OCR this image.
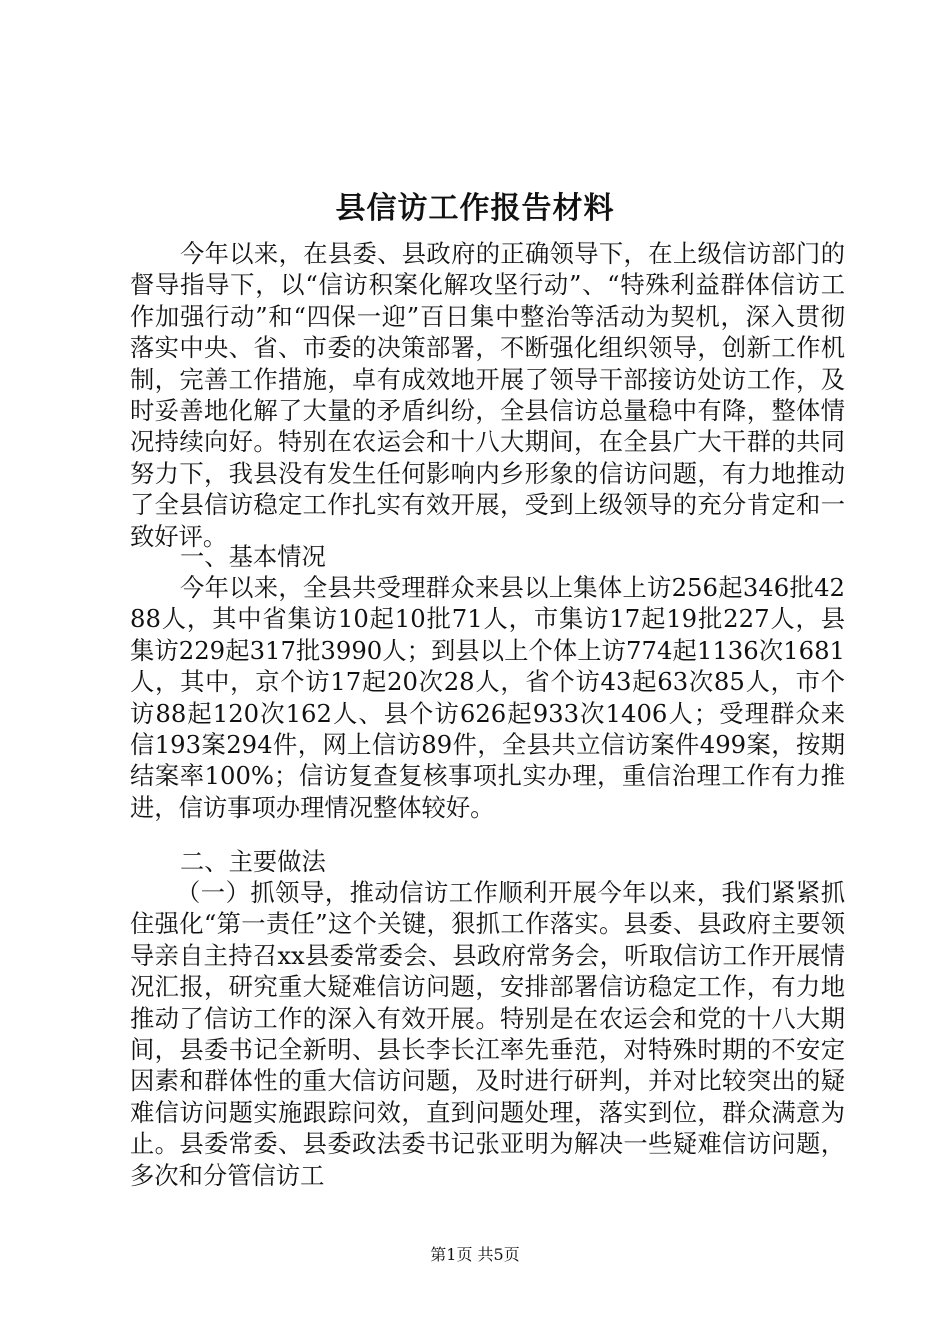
县信访工作报告材料

今年以来，在县委、县政府的正确领导下，在上级信访部门的督导指导下，以“信访积案化解攻坚行动”、“特殊利益群体信访工作加强行动”和“四保一迎”百日集中整治等活动为契机，深入贯彻落实中央、省、市委的决策部署，不断强化组织领导，创新工作机制，完善工作措施，卓有成效地开展了领导干部接访处访工作，及时妥善地化解了大量的矛盾纠纷，全县信访总量稳中有降，整体情况持续向好。特别在农运会和十八大期间，在全县广大干群的共同努力下，我县没有发生任何影响内乡形象的信访问题，有力地推动了全县信访稳定工作扎实有效开展，受到上级领导的充分肯定和一致好评。

一、基本情况

今年以来，全县共受理群众来县以上集体上访256起346批4288人，其中省集访10起10批71人，市集访17起19批227人，县集访229起317批3990人；到县以上个体上访774起1136次1681人，其中，京个访17起20次28人，省个访43起63次85人，市个访88起120次162人、县个访626起933次1406人；受理群众来信193案294件，网上信访89件，全县共立信访案件499案，按期结案率100%；信访复查复核事项扎实办理，重信治理工作有力推进，信访事项办理情况整体较好。

二、主要做法

（一）抓领导，推动信访工作顺利开展今年以来，我们紧紧抓住强化“第一责任”这个关键，狠抓工作落实。县委、县政府主要领导亲自主持召xx县委常委会、县政府常务会，听取信访工作开展情况汇报，研究重大疑难信访问题，安排部署信访稳定工作，有力地推动了信访工作的深入有效开展。特别是在农运会和党的十八大期间，县委书记全新明、县长李长江率先垂范，对特殊时期的不安定因素和群体性的重大信访问题，及时进行研判，并对比较突出的疑难信访问题实施跟踪问效，直到问题处理，落实到位，群众满意为止。县委常委、县委政法委书记张亚明为解决一些疑难信访问题，多次和分管信访工

第1页 共5页
